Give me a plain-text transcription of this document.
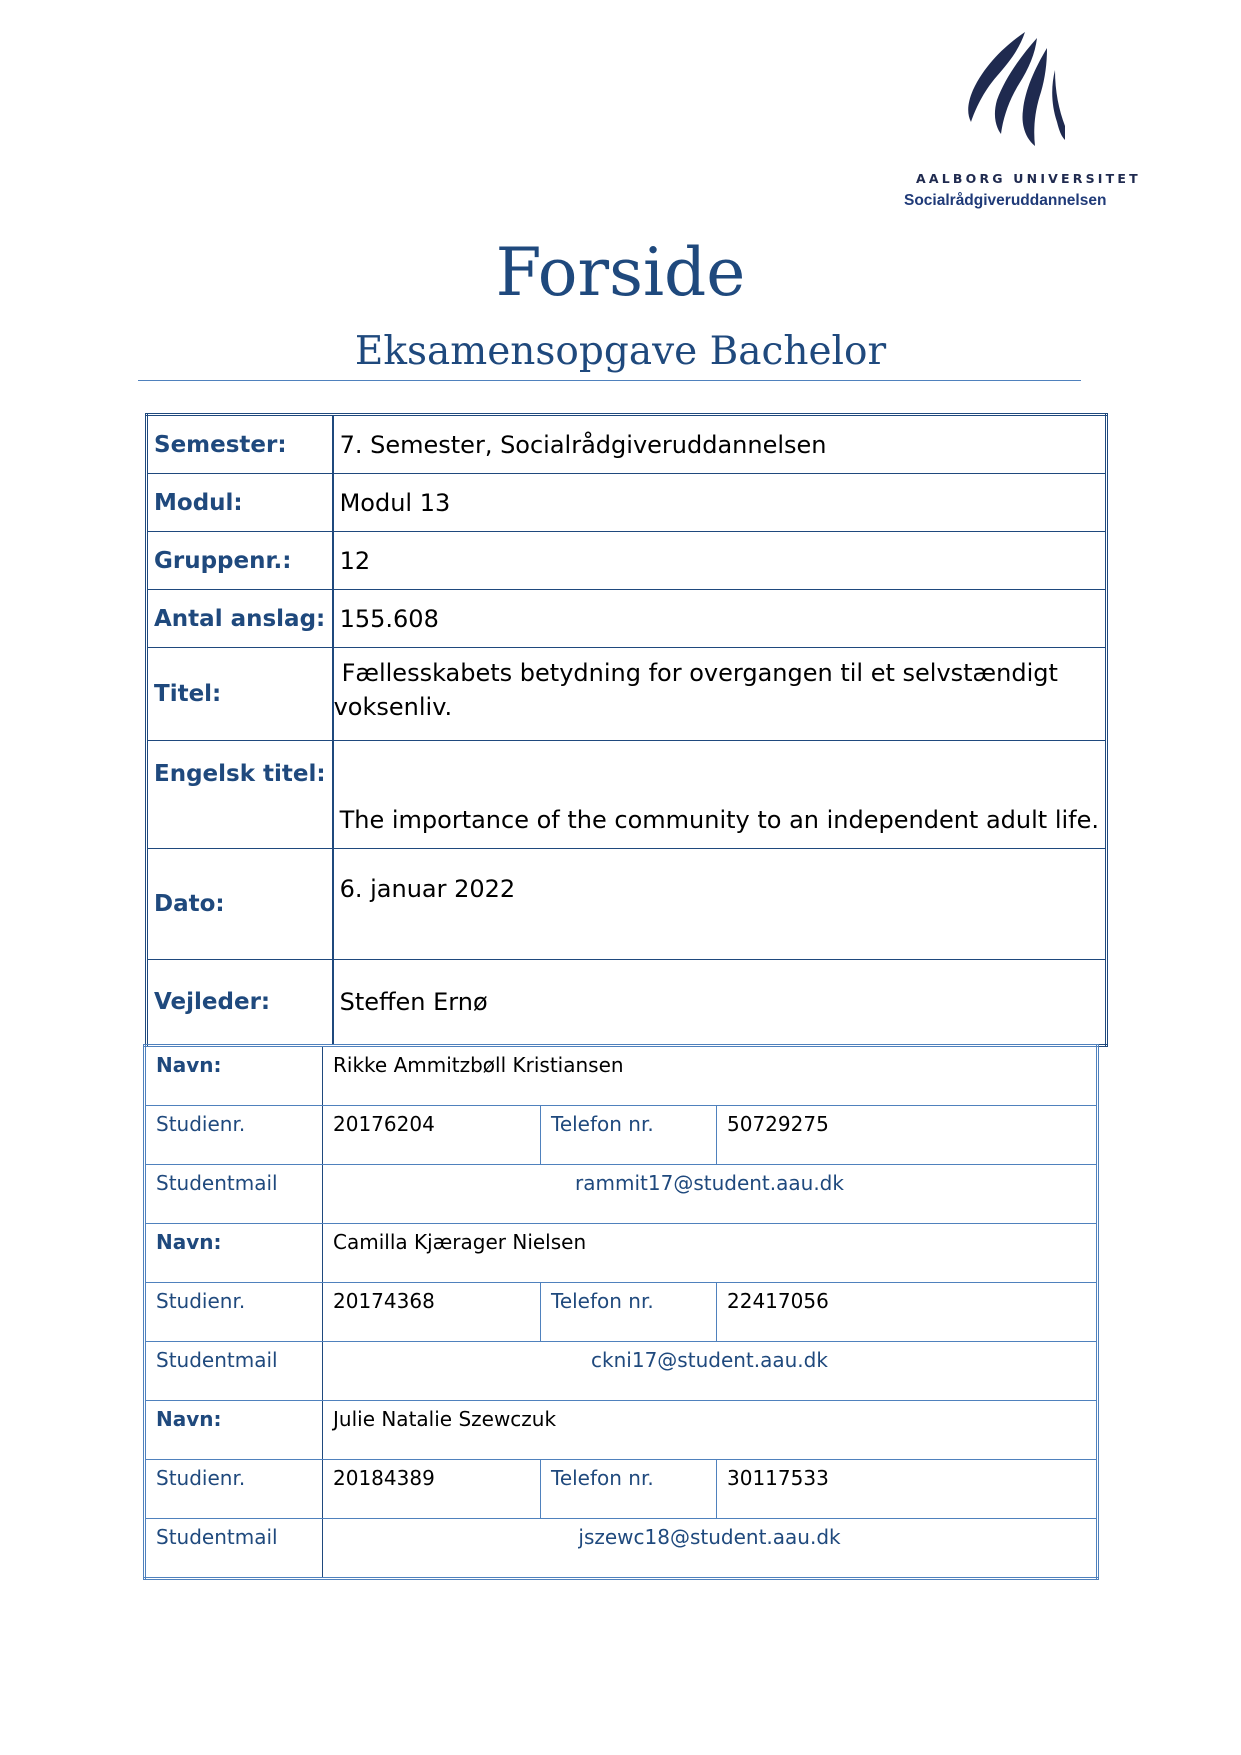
AALBORG UNIVERSITET
Socialrådgiveruddannelsen
Forside
Eksamensopgave Bachelor
Semester:	7. Semester, Socialrådgiveruddannelsen
Modul:	Modul 13
Gruppenr.:	12
Antal anslag:	155.608
Titel:	Fællesskabets betydning for overgangen til et selvstændigt
voksenliv.

Engelsk titel:	The importance of the community to an independent adult life.
Dato:	6. januar 2022
Vejleder:	Steffen Ernø
Navn:	Rikke Ammitzbøll Kristiansen		
Studienr.	20176204	Telefon nr.	50729275
Studentmail	rammit17@student.aau.dk		
Navn:	Camilla Kjærager Nielsen		
Studienr.	20174368	Telefon nr.	22417056
Studentmail	ckni17@student.aau.dk		
Navn:	Julie Natalie Szewczuk		
Studienr.	20184389	Telefon nr.	30117533
Studentmail	jszewc18@student.aau.dk		
